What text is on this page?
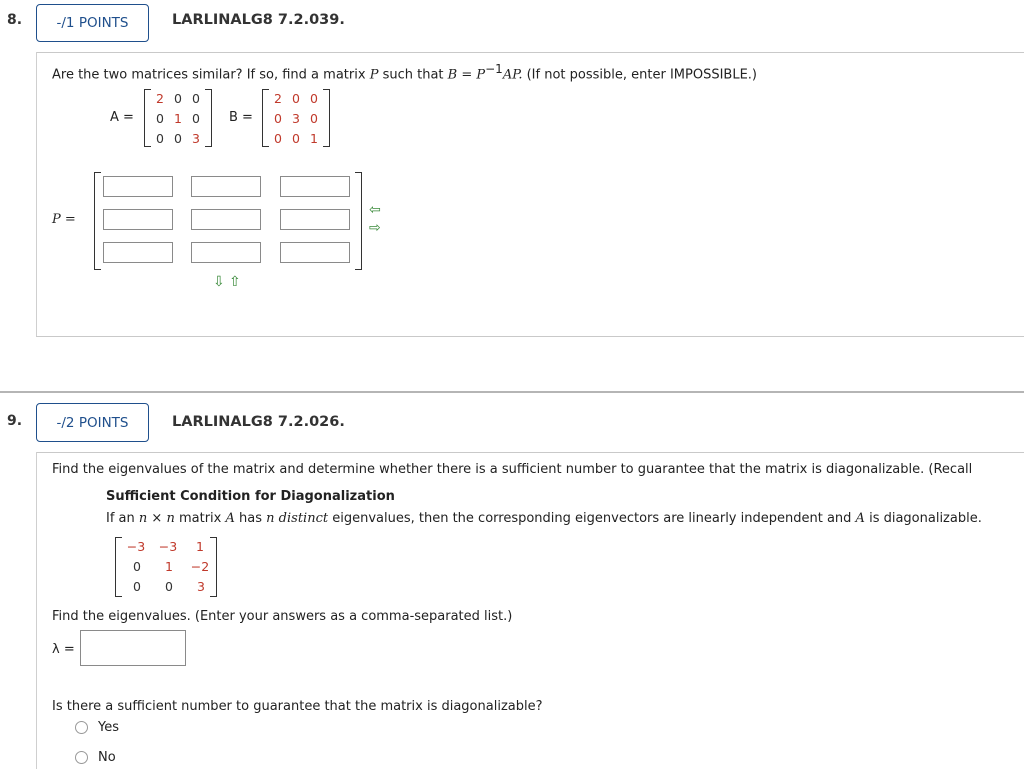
8.	-/1 POINTS	LARLINALG8 7.2.039.
Are the two matrices similar? If so, find a matrix P such that $B = P^{-1}AP$. (If not possible, enter IMPOSSIBLE.)
A =
2 0 0
0 1 0
0 0 3
B =
2 0 0
0 3 0
0 0 1
P =
⇦
⇨
⇩ ⇧
9.	-/2 POINTS	LARLINALG8 7.2.026.
Find the eigenvalues of the matrix and determine whether there is a sufficient number to guarantee that the matrix is diagonalizable. (Recall
Sufficient Condition for Diagonalization
If an n × n matrix A has n distinct eigenvalues, then the corresponding eigenvectors are linearly independent and A is diagonalizable.
−3 −3	1
0 1 −2
0 0 3
Find the eigenvalues. (Enter your answers as a comma-separated list.)
λ =
Is there a sufficient number to guarantee that the matrix is diagonalizable?
Yes
No
